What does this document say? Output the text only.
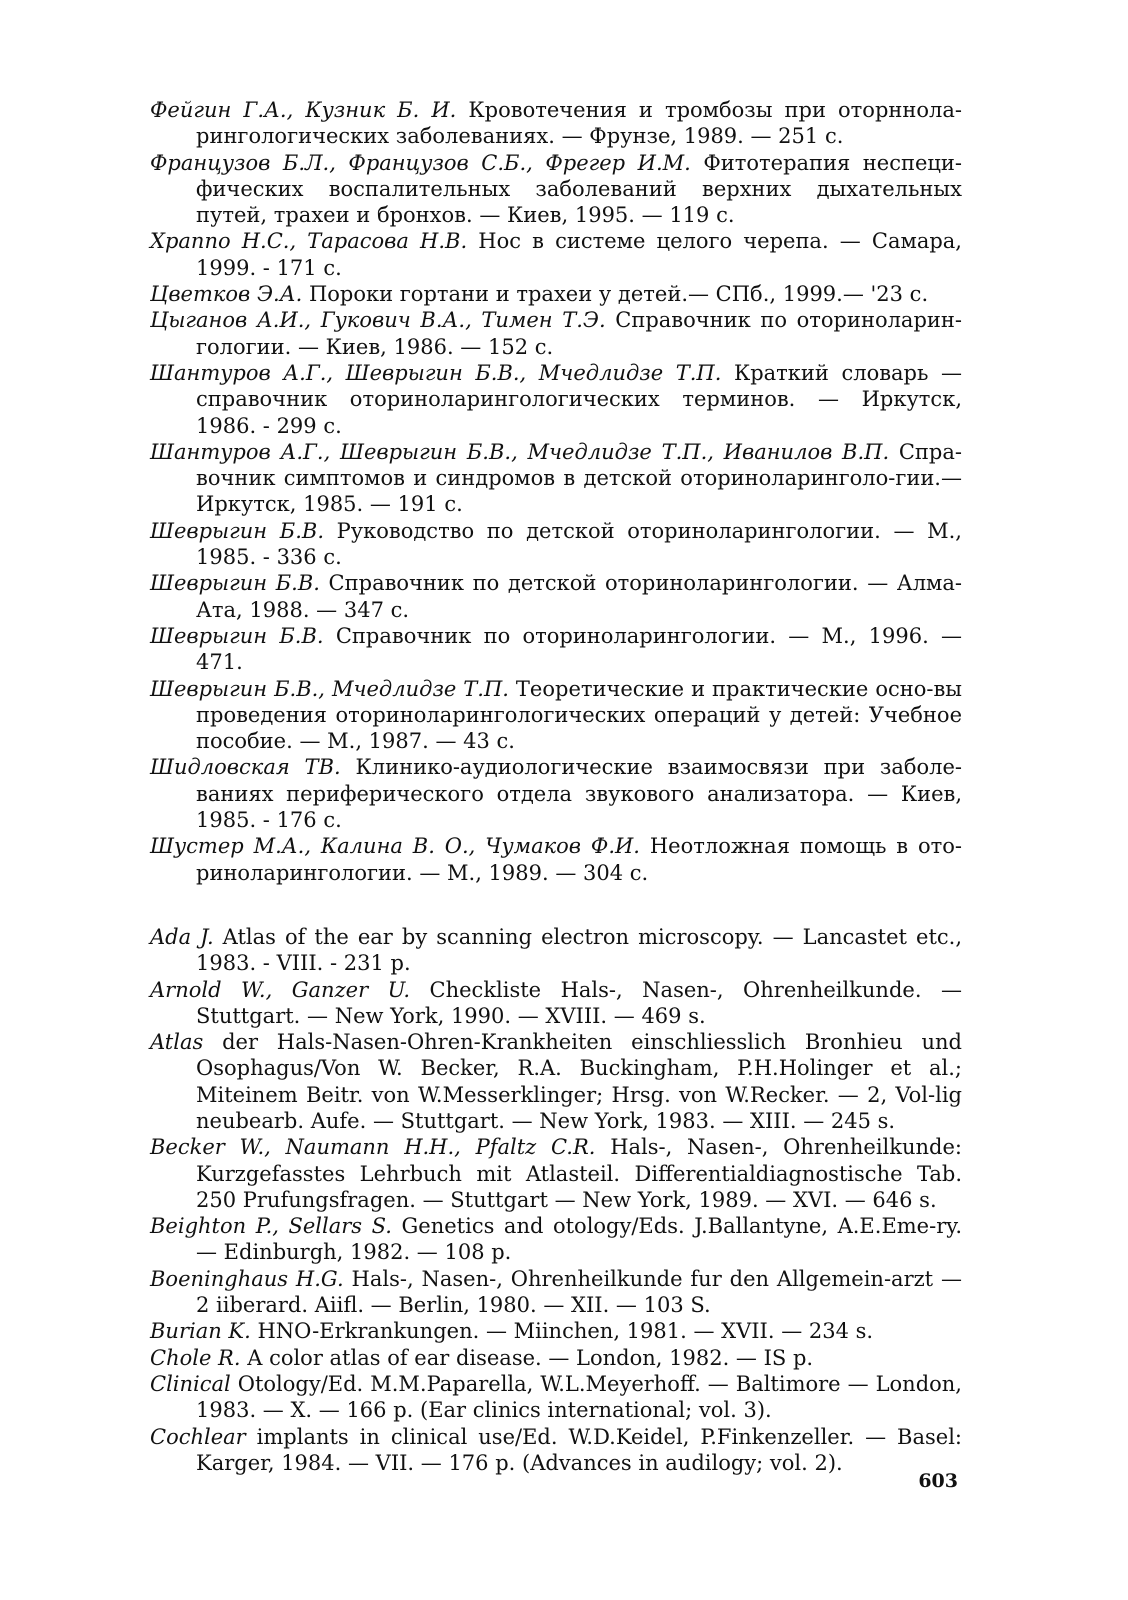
Фейгин Г.А., Кузник Б. И. Кровотечения и тромбозы при оторннола-рингологических заболеваниях. — Фрунзе, 1989. — 251 с.
Французов Б.Л., Французов С.Б., Фрегер И.М. Фитотерапия неспеци-фических воспалительных заболеваний верхних дыхательных путей, трахеи и бронхов. — Киев, 1995. — 119 с.
Храппо Н.С., Тарасова Н.В. Нос в системе целого черепа. — Самара, 1999. - 171 с.
Цветков Э.А. Пороки гортани и трахеи у детей.— СПб., 1999.— '23 с.
Цыганов А.И., Гукович В.А., Тимен Т.Э. Справочник по оториноларин-гологии. — Киев, 1986. — 152 с.
Шантуров А.Г., Шеврыгин Б.В., Мчедлидзе Т.П. Краткий словарь — справочник оториноларингологических терминов. — Иркутск, 1986. - 299 с.
Шантуров А.Г., Шеврыгин Б.В., Мчедлидзе Т.П., Иванилов В.П. Спра-вочник симптомов и синдромов в детской оториноларинголо-гии.— Иркутск, 1985. — 191 с.
Шеврыгин Б.В. Руководство по детской оториноларингологии. — М., 1985. - 336 с.
Шеврыгин Б.В. Справочник по детской оториноларингологии. — Алма-Ата, 1988. — 347 с.
Шеврыгин Б.В. Справочник по оториноларингологии. — М., 1996. — 471.
Шеврыгин Б.В., Мчедлидзе Т.П. Теоретические и практические осно-вы проведения оториноларингологических операций у детей: Учебное пособие. — М., 1987. — 43 с.
Шидловская ТВ. Клинико-аудиологические взаимосвязи при заболе-ваниях периферического отдела звукового анализатора. — Киев, 1985. - 176 с.
Шустер М.А., Калина В. О., Чумаков Ф.И. Неотложная помощь в ото-риноларингологии. — М., 1989. — 304 с.
Ada J. Atlas of the ear by scanning electron microscopy. — Lancastet etc., 1983. - VIII. - 231 p.
Arnold W., Ganzer U. Checkliste Hals-, Nasen-, Ohrenheilkunde. — Stuttgart. — New York, 1990. — XVIII. — 469 s.
Atlas der Hals-Nasen-Ohren-Krankheiten einschliesslich Bronhieu und Osophagus/Von W. Becker, R.A. Buckingham, P.H.Holinger et al.; Miteinem Beitr. von W.Messerklinger; Hrsg. von W.Recker. — 2, Vol-lig neubearb. Aufe. — Stuttgart. — New York, 1983. — XIII. — 245 s.
Becker W., Naumann H.H., Pfaltz C.R. Hals-, Nasen-, Ohrenheilkunde: Kurzgefasstes Lehrbuch mit Atlasteil. Differentialdiagnostische Tab. 250 Prufungsfragen. — Stuttgart — New York, 1989. — XVI. — 646 s.
Beighton P., Sellars S. Genetics and otology/Eds. J.Ballantyne, A.E.Eme-ry. — Edinburgh, 1982. — 108 p.
Boeninghaus H.G. Hals-, Nasen-, Ohrenheilkunde fur den Allgemein-arzt — 2 iiberard. Aiifl. — Berlin, 1980. — XII. — 103 S.
Burian K. HNO-Erkrankungen. — Miinchen, 1981. — XVII. — 234 s.
Chole R. A color atlas of ear disease. — London, 1982. — IS p.
Clinical Otology/Ed. M.M.Paparella, W.L.Meyerhoff. — Baltimore — London, 1983. — X. — 166 p. (Ear clinics international; vol. 3).
Cochlear implants in clinical use/Ed. W.D.Keidel, P.Finkenzeller. — Basel: Karger, 1984. — VII. — 176 p. (Advances in audilogy; vol. 2).
603
